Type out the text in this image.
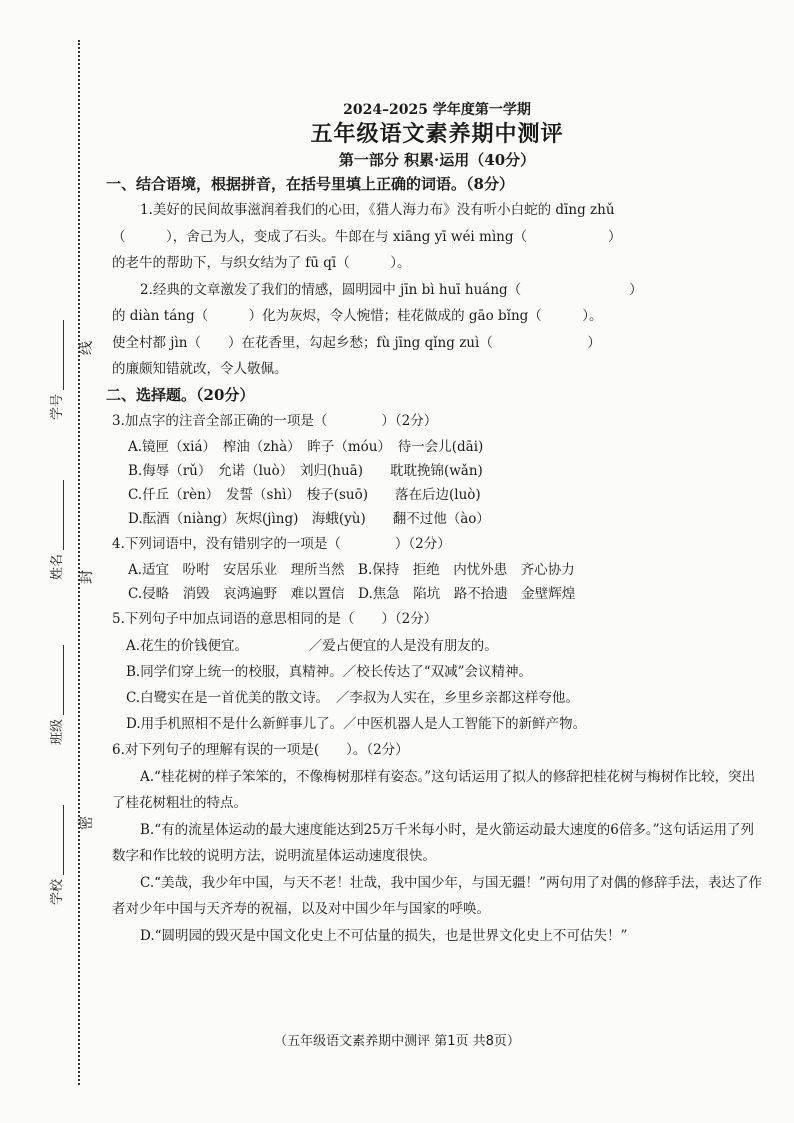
学号
姓名
班级
学校
线
封
密
2024–2025 学年度第一学期
五年级语文素养期中测评
第一部分 积累·运用（40分）
一、结合语境，根据拼音，在括号里填上正确的词语。（8分）
1.美好的民间故事滋润着我们的心田，《猎人海力布》没有听小白蛇的 dīng zhǔ
（　　　），舍己为人，变成了石头。牛郎在与 xiāng yī wéi mìng（　　　　　　）
的老牛的帮助下，与织女结为了 fū qī（　　　）。
2.经典的文章激发了我们的情感，圆明园中 jīn bì huī huáng（　　　　　　　　）
的 diàn táng（　　　）化为灰烬，令人惋惜；桂花做成的 gāo bǐng（　　　）。
使全村都 jìn（　　）在花香里，勾起乡愁；fù jīng qǐng zuì（　　　　　　　）
的廉颇知错就改，令人敬佩。
二、选择题。（20分）
3.加点字的注音全部正确的一项是（　　　　）（2分）
A.镜匣（xiá）　榨油（zhà）　眸子（móu）　待一会儿(dāi)
B.侮辱（rǔ）　允诺（luò）　刘归(huā)　　耽耽挽锦(wǎn)
C.仟丘（rèn）　发誓（shì）　梭子(suō)　　落在后边(luò)
D.酝酒（niàng）灰烬(jìng)　海蛾(yù)　　翻不过他（ào）
4.下列词语中，没有错别字的一项是（　　　　）（2分）
A.适宜　吩咐　安居乐业　理所当然　B.保持　拒绝　内忧外患　齐心协力
C.侵略　消毁　哀鸿遍野　难以置信　D.焦急　陷坑　路不拾遗　金壁辉煌
5.下列句子中加点词语的意思相同的是（　　）（2分）
A.花生的价钱便宜。　　　　　／爱占便宜的人是没有朋友的。
B.同学们穿上统一的校服，真精神。／校长传达了“双减”会议精神。
C.白鹭实在是一首优美的散文诗。　／李叔为人实在，乡里乡亲都这样夸他。
D.用手机照相不是什么新鲜事儿了。／中医机器人是人工智能下的新鲜产物。
6.对下列句子的理解有误的一项是(　　）。（2分）
A.“桂花树的样子笨笨的，不像梅树那样有姿态。”这句话运用了拟人的修辞把桂花树与梅树作比较，突出了桂花树粗壮的特点。
B.“有的流星体运动的最大速度能达到25万千米每小时，是火箭运动最大速度的6倍多。”这句话运用了列数字和作比较的说明方法，说明流星体运动速度很快。
C.“美哉，我少年中国，与天不老！壮哉，我中国少年，与国无疆！”两句用了对偶的修辞手法，表达了作者对少年中国与天齐寿的祝福，以及对中国少年与国家的呼唤。
D.“圆明园的毁灭是中国文化史上不可估量的损失，也是世界文化史上不可估失！”
（五年级语文素养期中测评 第1页 共8页）
